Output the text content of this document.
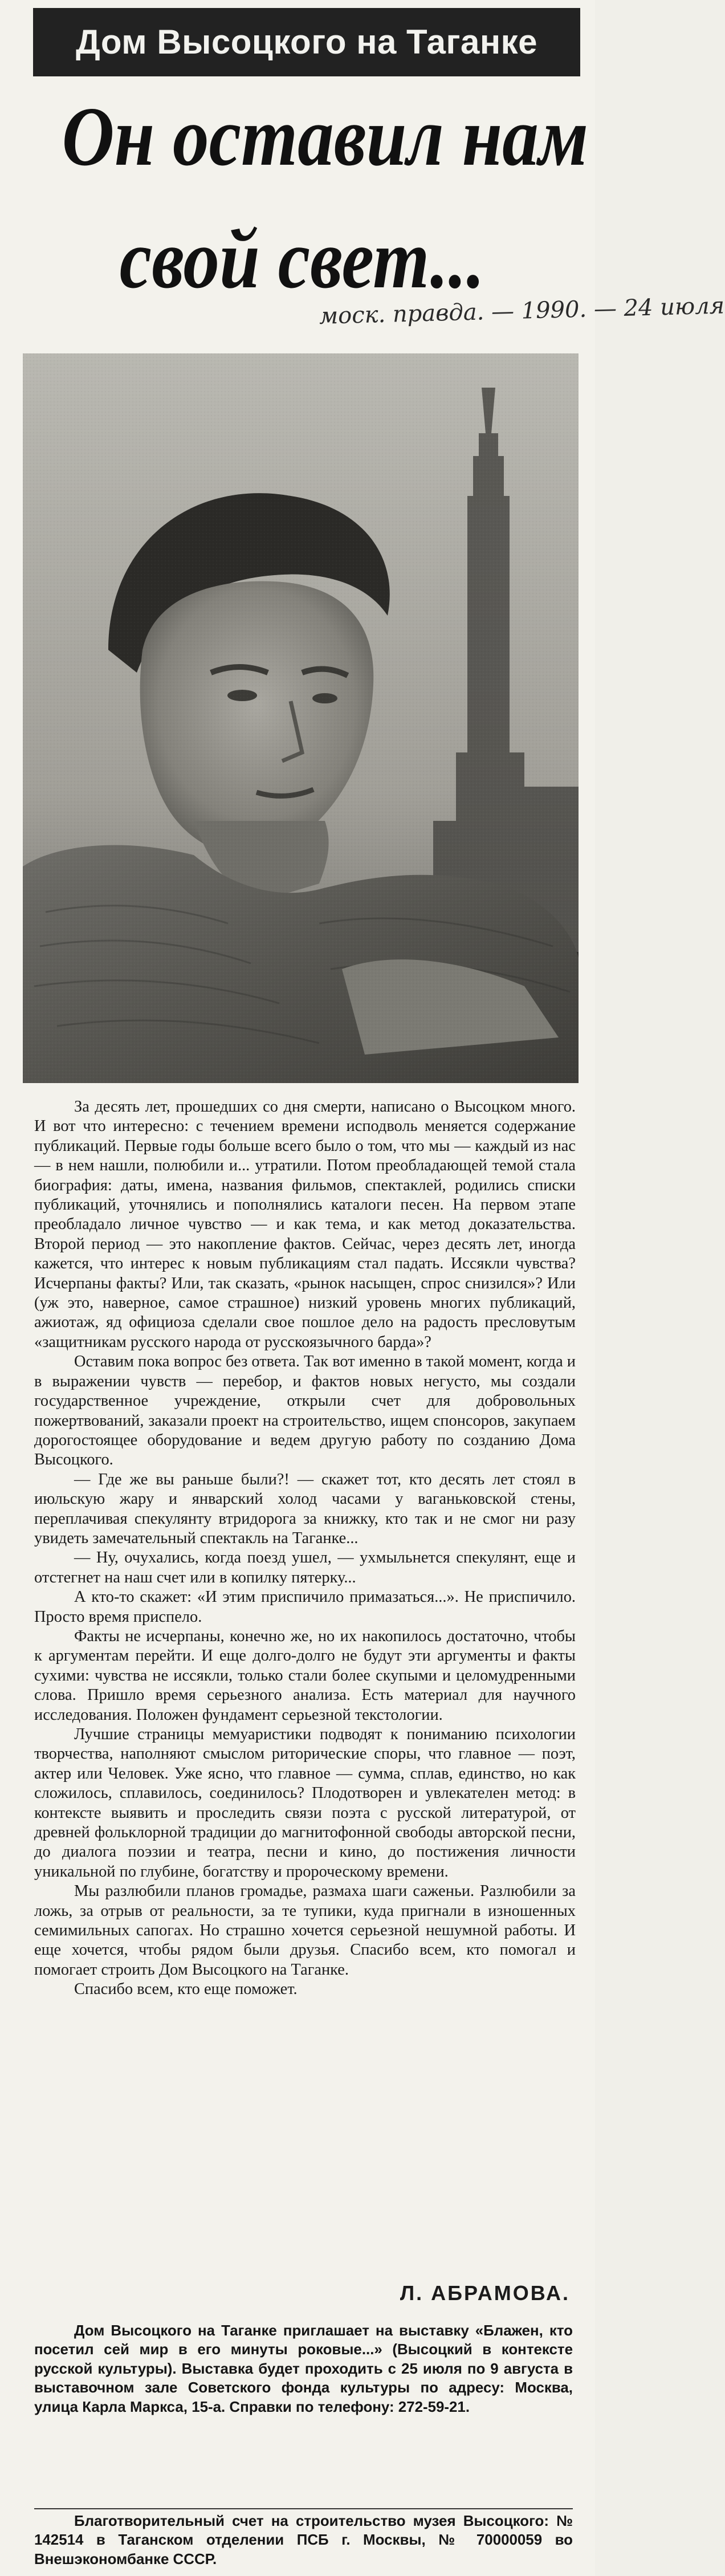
Дом Высоцкого на Таганке
Он оставил нам
свой свет...
моск. правда. — 1990. — 24 июля

За десять лет, прошедших со дня смерти, написано о Высоцком много. И вот что интересно: с течением времени исподволь меняется содержание публикаций. Первые годы больше всего было о том, что мы — каждый из нас — в нем нашли, полюбили и... утратили. Потом преобладающей темой стала биография: даты, имена, названия фильмов, спектаклей, родились списки публикаций, уточнялись и пополнялись каталоги песен. На первом этапе преобладало личное чувство — и как тема, и как метод доказательства. Второй период — это накопление фактов. Сейчас, через десять лет, иногда кажется, что интерес к новым публикациям стал падать. Иссякли чувства? Исчерпаны факты? Или, так сказать, «рынок насыщен, спрос снизился»? Или (уж это, наверное, самое страшное) низкий уровень многих публикаций, ажиотаж, яд официоза сделали свое пошлое дело на радость пресловутым «защитникам русского народа от русскоязычного барда»?

Оставим пока вопрос без ответа. Так вот именно в такой момент, когда и в выражении чувств — перебор, и фактов новых негусто, мы создали государственное учреждение, открыли счет для добровольных пожертвований, заказали проект на строительство, ищем спонсоров, закупаем дорогостоящее оборудование и ведем другую работу по созданию Дома Высоцкого.

— Где же вы раньше были?! — скажет тот, кто десять лет стоял в июльскую жару и январский холод часами у ваганьковской стены, переплачивая спекулянту втридорога за книжку, кто так и не смог ни разу увидеть замечательный спектакль на Таганке...

— Ну, очухались, когда поезд ушел, — ухмыльнется спекулянт, еще и отстегнет на наш счет или в копилку пятерку...

А кто-то скажет: «И этим приспичило примазаться...». Не приспичило. Просто время приспело.

Факты не исчерпаны, конечно же, но их накопилось достаточно, чтобы к аргументам перейти. И еще долго-долго не будут эти аргументы и факты сухими: чувства не иссякли, только стали более скупыми и целомудренными слова. Пришло время серьезного анализа. Есть материал для научного исследования. Положен фундамент серьезной текстологии.

Лучшие страницы мемуаристики подводят к пониманию психологии творчества, наполняют смыслом риторические споры, что главное — поэт, актер или Человек. Уже ясно, что главное — сумма, сплав, единство, но как сложилось, сплавилось, соединилось? Плодотворен и увлекателен метод: в контексте выявить и проследить связи поэта с русской литературой, от древней фольклорной традиции до магнитофонной свободы авторской песни, до диалога поэзии и театра, песни и кино, до постижения личности уникальной по глубине, богатству и пророческому времени.

Мы разлюбили планов громадье, размаха шаги саженьи. Разлюбили за ложь, за отрыв от реальности, за те тупики, куда пригнали в изношенных семимильных сапогах. Но страшно хочется серьезной нешумной работы. И еще хочется, чтобы рядом были друзья. Спасибо всем, кто помогал и помогает строить Дом Высоцкого на Таганке.

Спасибо всем, кто еще поможет.

Л. АБРАМОВА.

Дом Высоцкого на Таганке приглашает на выставку «Блажен, кто посетил сей мир в его минуты роковые...» (Высоцкий в контексте русской культуры). Выставка будет проходить с 25 июля по 9 августа в выставочном зале Советского фонда культуры по адресу: Москва, улица Карла Маркса, 15-а. Справки по телефону: 272-59-21.

Благотворительный счет на строительство музея Высоцкого: № 142514 в Таганском отделении ПСБ г. Москвы, № 70000059 во Внешэкономбанке СССР.
